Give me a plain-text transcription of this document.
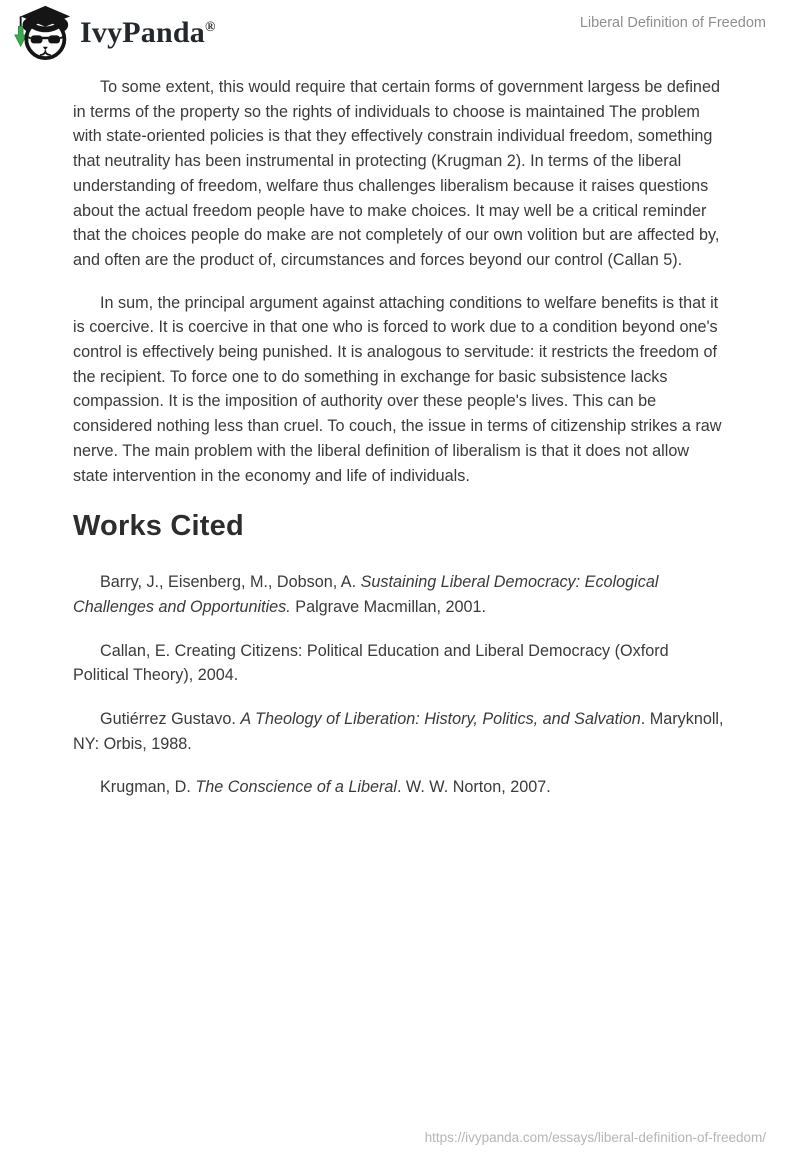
IvyPanda®	Liberal Definition of Freedom

To some extent, this would require that certain forms of government largess be defined in terms of the property so the rights of individuals to choose is maintained The problem with state-oriented policies is that they effectively constrain individual freedom, something that neutrality has been instrumental in protecting (Krugman 2). In terms of the liberal understanding of freedom, welfare thus challenges liberalism because it raises questions about the actual freedom people have to make choices. It may well be a critical reminder that the choices people do make are not completely of our own volition but are affected by, and often are the product of, circumstances and forces beyond our control (Callan 5).

In sum, the principal argument against attaching conditions to welfare benefits is that it is coercive. It is coercive in that one who is forced to work due to a condition beyond one's control is effectively being punished. It is analogous to servitude: it restricts the freedom of the recipient. To force one to do something in exchange for basic subsistence lacks compassion. It is the imposition of authority over these people's lives. This can be considered nothing less than cruel. To couch, the issue in terms of citizenship strikes a raw nerve. The main problem with the liberal definition of liberalism is that it does not allow state intervention in the economy and life of individuals.

Works Cited

Barry, J., Eisenberg, M., Dobson, A. Sustaining Liberal Democracy: Ecological Challenges and Opportunities. Palgrave Macmillan, 2001.

Callan, E. Creating Citizens: Political Education and Liberal Democracy (Oxford Political Theory), 2004.

Gutiérrez Gustavo. A Theology of Liberation: History, Politics, and Salvation. Maryknoll, NY: Orbis, 1988.

Krugman, D. The Conscience of a Liberal. W. W. Norton, 2007.

https://ivypanda.com/essays/liberal-definition-of-freedom/
